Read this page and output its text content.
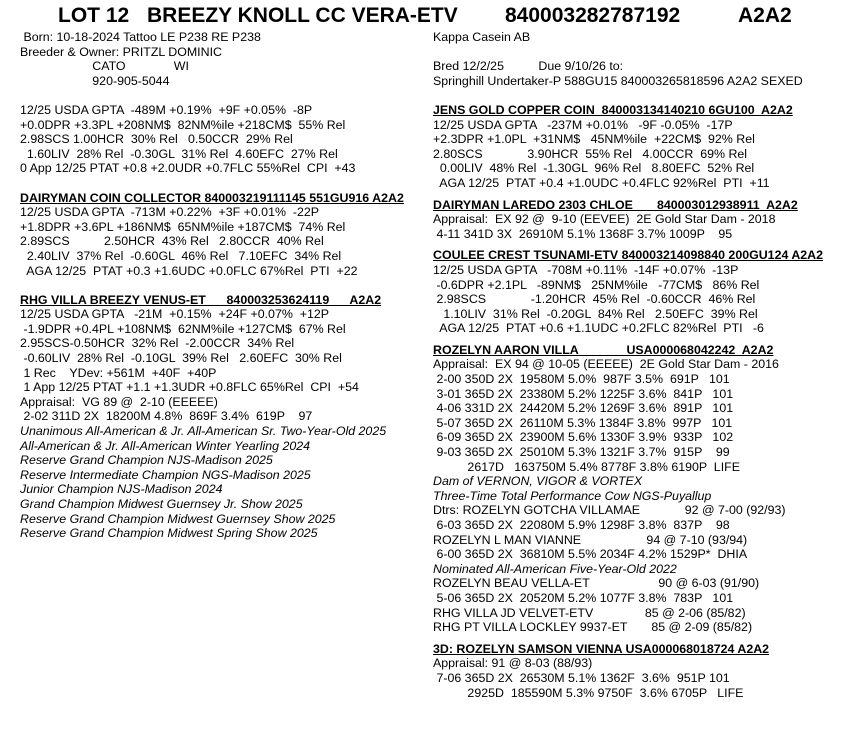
LOT 12

BREEZY KNOLL CC VERA-ETV

840003282787192

	A2A2

Born: 10-18-2024 Tattoo LE P238 RE P238
Breeder & Owner: PRITZL DOMINIC
CATO              WI
920-905-5044
12/25 USDA GPTA  -489M +0.19%  +9F +0.05%  -8P
+0.0DPR +3.3PL +208NM$  82NM%ile +218CM$  55% Rel
2.98SCS 1.00HCR  30% Rel   0.50CCR  29% Rel
1.60LIV  28% Rel  -0.30GL  31% Rel  4.60EFC  27% Rel
0 App 12/25 PTAT +0.8 +2.0UDR +0.7FLC 55%Rel  CPI  +43
DAIRYMAN COIN COLLECTOR 840003219111145 551GU916 A2A2
12/25 USDA GPTA  -713M +0.22%  +3F +0.01%  -22P
+1.8DPR +3.6PL +186NM$  65NM%ile +187CM$  74% Rel
2.89SCS          2.50HCR  43% Rel   2.80CCR  40% Rel
2.40LIV  37% Rel  -0.60GL  46% Rel   7.10EFC  34% Rel
AGA 12/25  PTAT +0.3 +1.6UDC +0.0FLC 67%Rel  PTI  +22
RHG VILLA BREEZY VENUS-ET      840003253624119      A2A2
12/25 USDA GPTA   -21M  +0.15%  +24F +0.07%  +12P
-1.9DPR +0.4PL +108NM$  62NM%ile +127CM$  67% Rel
2.95SCS-0.50HCR  32% Rel  -2.00CCR  34% Rel
-0.60LIV  28% Rel  -0.10GL  39% Rel   2.60EFC  30% Rel
1 Rec    YDev: +561M  +40F  +40P
1 App 12/25 PTAT +1.1 +1.3UDR +0.8FLC 65%Rel  CPI  +54
Appraisal:  VG 89 @  2-10 (EEEEE)
2-02 311D 2X  18200M 4.8%  869F 3.4%  619P    97
Unanimous All-American & Jr. All-American Sr. Two-Year-Old 2025
All-American & Jr. All-American Winter Yearling 2024
Reserve Grand Champion NJS-Madison 2025
Reserve Intermediate Champion NGS-Madison 2025
Junior Champion NJS-Madison 2024
Grand Champion Midwest Guernsey Jr. Show 2025
Reserve Grand Champion Midwest Guernsey Show 2025
Reserve Grand Champion Midwest Spring Show 2025
Kappa Casein AB
Bred 12/2/25          Due 9/10/26 to:
Springhill Undertaker-P 588GU15 840003265818596 A2A2 SEXED
JENS GOLD COPPER COIN  840003134140210 6GU100  A2A2
12/25 USDA GPTA   -237M +0.01%   -9F -0.05%  -17P
+2.3DPR +1.0PL  +31NM$   45NM%ile  +22CM$  92% Rel
2.80SCS             3.90HCR  55% Rel   4.00CCR  69% Rel
0.00LIV  48% Rel  -1.30GL  96% Rel   8.80EFC  52% Rel
AGA 12/25  PTAT +0.4 +1.0UDC +0.4FLC 92%Rel  PTI  +11
DAIRYMAN LAREDO 2303 CHLOE       840003012938911  A2A2
Appraisal:  EX 92 @  9-10 (EEVEE)  2E Gold Star Dam - 2018
4-11 341D 3X  26910M 5.1% 1368F 3.7% 1009P    95
COULEE CREST TSUNAMI-ETV 840003214098840 200GU124 A2A2
12/25 USDA GPTA   -708M +0.11%  -14F +0.07%  -13P
-0.6DPR +2.1PL   -89NM$   25NM%ile   -77CM$   86% Rel
2.98SCS             -1.20HCR  45% Rel  -0.60CCR  46% Rel
1.10LIV  31% Rel  -0.20GL  84% Rel   2.50EFC  39% Rel
AGA 12/25  PTAT +0.6 +1.1UDC +0.2FLC 82%Rel  PTI   -6
ROZELYN AARON VILLA              USA000068042242  A2A2
Appraisal:  EX 94 @ 10-05 (EEEEE)  2E Gold Star Dam - 2016
2-00 350D 2X  19580M 5.0%  987F 3.5%  691P   101
3-01 365D 2X  23380M 5.2% 1225F 3.6%  841P   101
4-06 331D 2X  24420M 5.2% 1269F 3.6%  891P   101
5-07 365D 2X  26110M 5.3% 1384F 3.8%  997P   101
6-09 365D 2X  23900M 5.6% 1330F 3.9%  933P   102
9-03 365D 2X  25010M 5.3% 1321F 3.7%  915P    99
2617D   163750M 5.4% 8778F 3.8% 6190P  LIFE
Dam of VERNON, VIGOR & VORTEX
Three-Time Total Performance Cow NGS-Puyallup
Dtrs: ROZELYN GOTCHA VILLAMAE             92 @ 7-00 (92/93)
6-03 365D 2X  22080M 5.9% 1298F 3.8%  837P    98
ROZELYN L MAN VIANNE                   94 @ 7-10 (93/94)
6-00 365D 2X  36810M 5.5% 2034F 4.2% 1529P*  DHIA
Nominated All-American Five-Year-Old 2022
ROZELYN BEAU VELLA-ET                    90 @ 6-03 (91/90)
5-06 365D 2X  20520M 5.2% 1077F 3.8%  783P   101
RHG VILLA JD VELVET-ETV               85 @ 2-06 (85/82)
RHG PT VILLA LOCKLEY 9937-ET       85 @ 2-09 (85/82)
3D: ROZELYN SAMSON VIENNA USA000068018724 A2A2
Appraisal: 91 @ 8-03 (88/93)
7-06 365D 2X  26530M 5.1% 1362F  3.6%  951P 101
2925D  185590M 5.3% 9750F  3.6% 6705P   LIFE
